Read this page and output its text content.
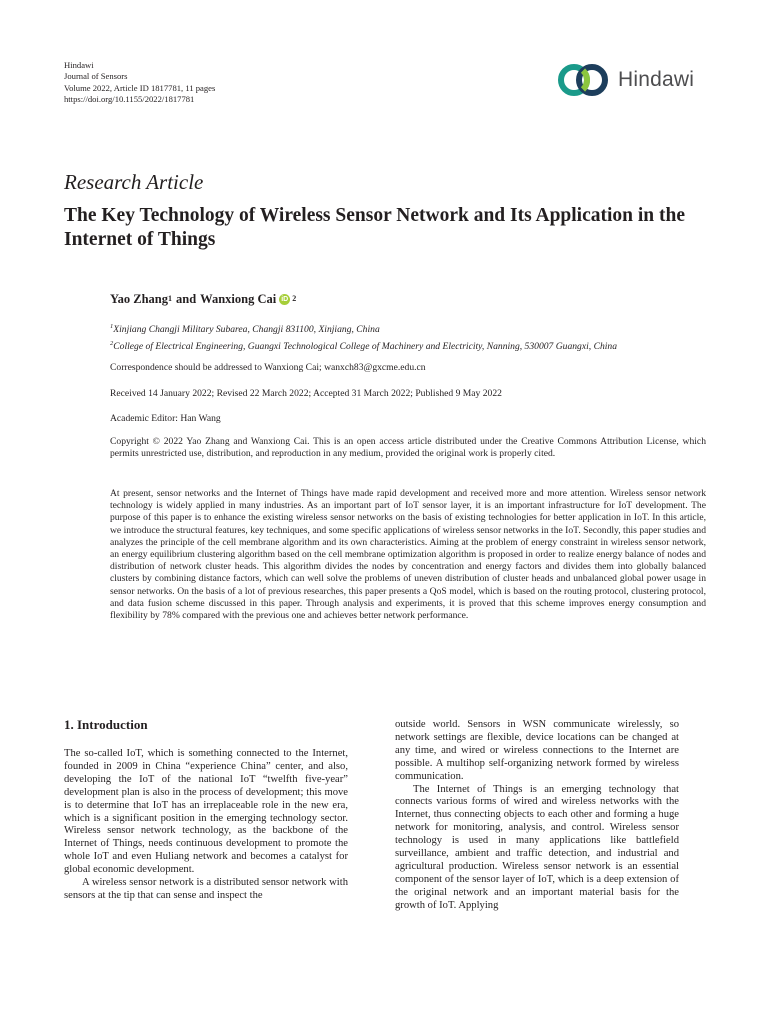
Hindawi
Journal of Sensors
Volume 2022, Article ID 1817781, 11 pages
https://doi.org/10.1155/2022/1817781
Hindawi
Research Article
The Key Technology of Wireless Sensor Network and Its Application in the Internet of Things
Yao Zhang$^1$ and Wanxiong Cai iD $^2$
$^1$Xinjiang Changji Military Subarea, Changji 831100, Xinjiang, China
$^2$College of Electrical Engineering, Guangxi Technological College of Machinery and Electricity, Nanning, 530007 Guangxi, China
Correspondence should be addressed to Wanxiong Cai; wanxch83@gxcme.edu.cn
Received 14 January 2022; Revised 22 March 2022; Accepted 31 March 2022; Published 9 May 2022
Academic Editor: Han Wang
Copyright © 2022 Yao Zhang and Wanxiong Cai. This is an open access article distributed under the Creative Commons Attribution License, which permits unrestricted use, distribution, and reproduction in any medium, provided the original work is properly cited.
At present, sensor networks and the Internet of Things have made rapid development and received more and more attention. Wireless sensor network technology is widely applied in many industries. As an important part of IoT sensor layer, it is an important infrastructure for IoT development. The purpose of this paper is to enhance the existing wireless sensor networks on the basis of existing technologies for better application in IoT. In this article, we introduce the structural features, key techniques, and some specific applications of wireless sensor networks in the IoT. Secondly, this paper studies and analyzes the principle of the cell membrane algorithm and its own characteristics. Aiming at the problem of energy constraint in wireless sensor network, an energy equilibrium clustering algorithm based on the cell membrane optimization algorithm is proposed in order to realize energy balance of nodes and distribution of network cluster heads. This algorithm divides the nodes by concentration and energy factors and divides them into globally balanced clusters by combining distance factors, which can well solve the problems of uneven distribution of cluster heads and unbalanced global power usage in sensor networks. On the basis of a lot of previous researches, this paper presents a QoS model, which is based on the routing protocol, clustering protocol, and data fusion scheme discussed in this paper. Through analysis and experiments, it is proved that this scheme improves energy consumption and flexibility by 78% compared with the previous one and achieves better network performance.
1. Introduction

The so-called IoT, which is something connected to the Internet, founded in 2009 in China “experience China” center, and also, developing the IoT of the national IoT “twelfth five-year” development plan is also in the process of development; this move is to determine that IoT has an irreplaceable role in the new era, which is a significant position in the emerging technology sector. Wireless sensor network technology, as the backbone of the Internet of Things, needs continuous development to promote the whole IoT and even Huliang network and becomes a catalyst for global economic development.

A wireless sensor network is a distributed sensor network with sensors at the tip that can sense and inspect the

outside world. Sensors in WSN communicate wirelessly, so network settings are flexible, device locations can be changed at any time, and wired or wireless connections to the Internet are possible. A multihop self-organizing network formed by wireless communication.

The Internet of Things is an emerging technology that connects various forms of wired and wireless networks with the Internet, thus connecting objects to each other and forming a huge network for monitoring, analysis, and control. Wireless sensor technology is used in many applications like battlefield surveillance, ambient and traffic detection, and industrial and agricultural production. Wireless sensor network is an essential component of the sensor layer of IoT, which is a deep extension of the original network and an important material basis for the growth of IoT. Applying
